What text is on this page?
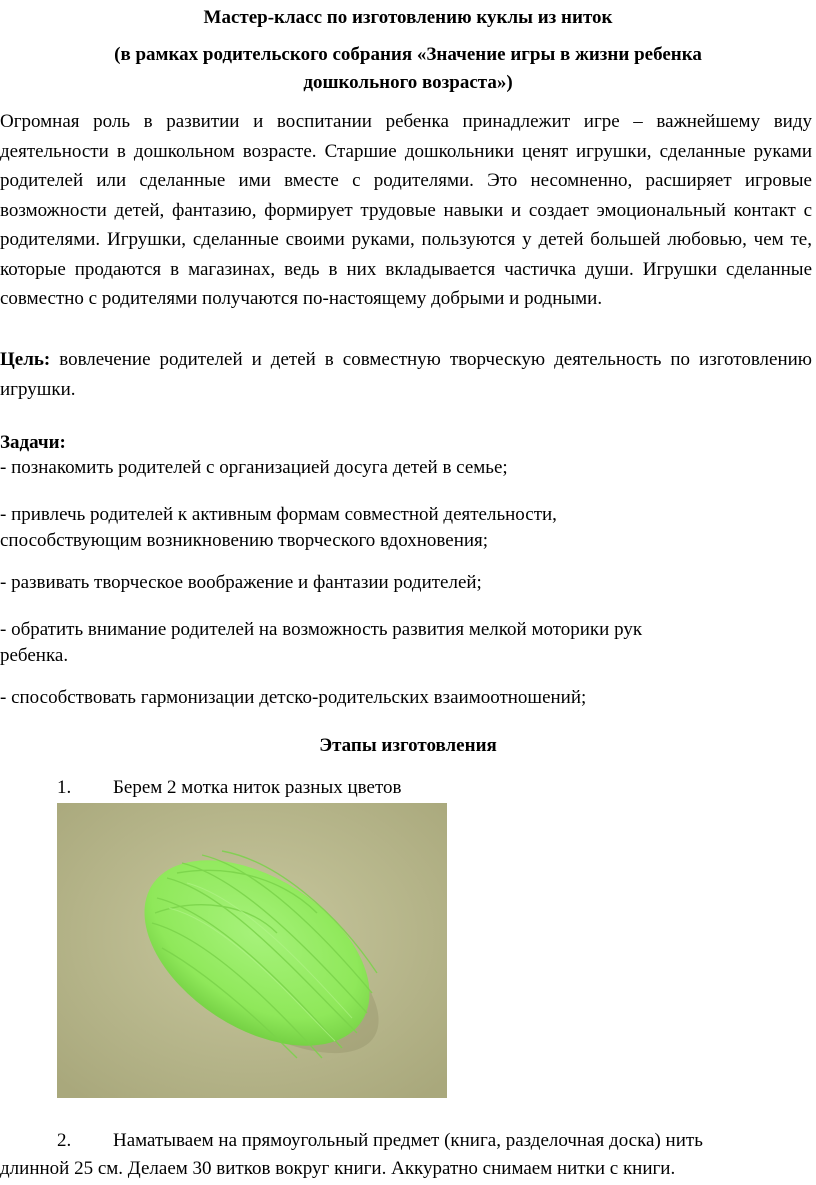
Мастер-класс по изготовлению куклы из ниток
(в рамках родительского собрания «Значение игры в жизни ребенка
дошкольного возраста»)
Огромная роль в развитии и воспитании ребенка принадлежит игре – важнейшему виду деятельности в дошкольном возрасте. Старшие дошкольники ценят игрушки, сделанные руками родителей или сделанные ими вместе с родителями. Это несомненно, расширяет игровые возможности детей, фантазию, формирует трудовые навыки и создает эмоциональный контакт с родителями. Игрушки, сделанные своими руками, пользуются у детей большей любовью, чем те, которые продаются в магазинах, ведь в них вкладывается частичка души. Игрушки сделанные совместно с родителями получаются по-настоящему добрыми и родными.
Цель: вовлечение родителей и детей в совместную творческую деятельность по изготовлению игрушки.
Задачи:
- познакомить родителей с организацией досуга детей в семье;
- привлечь родителей к активным формам совместной деятельности,
способствующим возникновению творческого вдохновения;
- развивать творческое воображение и фантазии родителей;
- обратить внимание родителей на возможность развития мелкой моторики рук
ребенка.
- способствовать гармонизации детско-родительских взаимоотношений;
Этапы изготовления
1. Берем 2 мотка ниток разных цветов
2. Наматываем на прямоугольный предмет (книга, разделочная доска) нить
длинной 25 см. Делаем 30 витков вокруг книги. Аккуратно снимаем нитки с книги.
